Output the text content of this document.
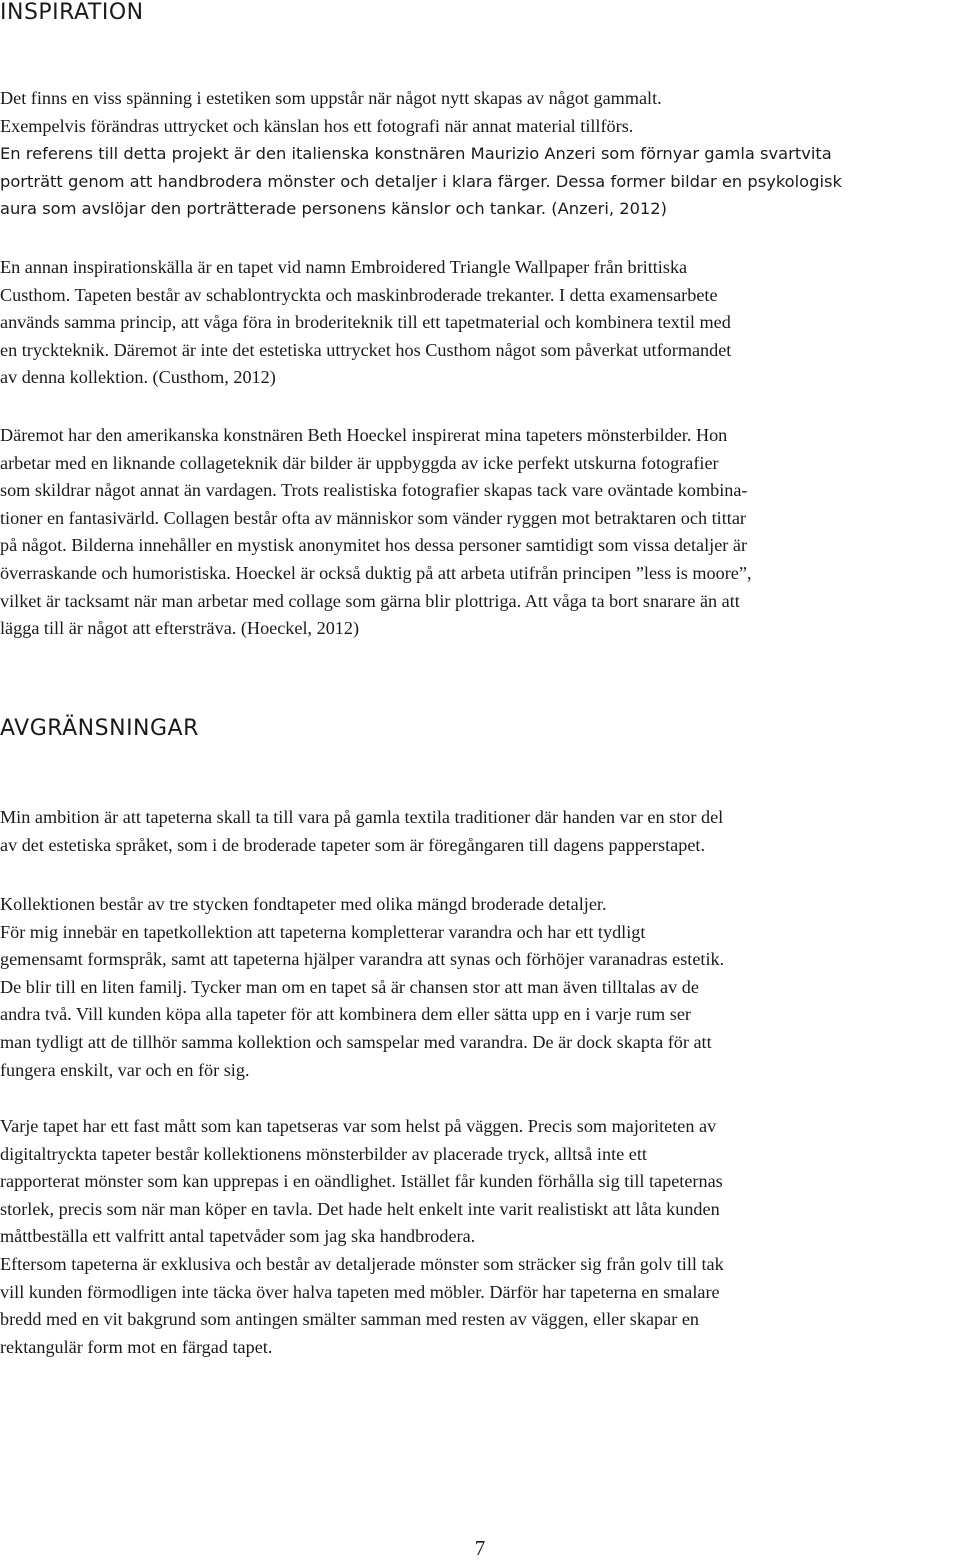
INSPIRATION
Det finns en viss spänning i estetiken som uppstår när något nytt skapas av något gammalt.
Exempelvis förändras uttrycket och känslan hos ett fotografi när annat material tillförs.
En referens till detta projekt är den italienska konstnären Maurizio Anzeri som förnyar gamla svartvita
porträtt genom att handbrodera mönster och detaljer i klara färger. Dessa former bildar en psykologisk
aura som avslöjar den porträtterade personens känslor och tankar. (Anzeri, 2012)
En annan inspirationskälla är en tapet vid namn Embroidered Triangle Wallpaper från brittiska
Custhom. Tapeten består av schablontryckta och maskinbroderade trekanter. I detta examensarbete
används samma princip, att våga föra in broderiteknik till ett tapetmaterial och kombinera textil med
en tryckteknik. Däremot är inte det estetiska uttrycket hos Custhom något som påverkat utformandet
av denna kollektion. (Custhom, 2012)
Däremot har den amerikanska konstnären Beth Hoeckel inspirerat mina tapeters mönsterbilder. Hon
arbetar med en liknande collageteknik där bilder är uppbyggda av icke perfekt utskurna fotografier
som skildrar något annat än vardagen. Trots realistiska fotografier skapas tack vare oväntade kombina-
tioner en fantasivärld. Collagen består ofta av människor som vänder ryggen mot betraktaren och tittar
på något. Bilderna innehåller en mystisk anonymitet hos dessa personer samtidigt som vissa detaljer är
överraskande och humoristiska. Hoeckel är också duktig på att arbeta utifrån principen ”less is moore”,
vilket är tacksamt när man arbetar med collage som gärna blir plottriga. Att våga ta bort snarare än att
lägga till är något att eftersträva. (Hoeckel, 2012)
AVGRÄNSNINGAR
Min ambition är att tapeterna skall ta till vara på gamla textila traditioner där handen var en stor del
av det estetiska språket, som i de broderade tapeter som är föregångaren till dagens papperstapet.
Kollektionen består av tre stycken fondtapeter med olika mängd broderade detaljer.
För mig innebär en tapetkollektion att tapeterna kompletterar varandra och har ett tydligt
gemensamt formspråk, samt att tapeterna hjälper varandra att synas och förhöjer varanadras estetik.
De blir till en liten familj. Tycker man om en tapet så är chansen stor att man även tilltalas av de
andra två. Vill kunden köpa alla tapeter för att kombinera dem eller sätta upp en i varje rum ser
man tydligt att de tillhör samma kollektion och samspelar med varandra. De är dock skapta för att
fungera enskilt, var och en för sig.
Varje tapet har ett fast mått som kan tapetseras var som helst på väggen. Precis som majoriteten av
digitaltryckta tapeter består kollektionens mönsterbilder av placerade tryck, alltså inte ett
rapporterat mönster som kan upprepas i en oändlighet. Istället får kunden förhålla sig till tapeternas
storlek, precis som när man köper en tavla. Det hade helt enkelt inte varit realistiskt att låta kunden
måttbeställa ett valfritt antal tapetvåder som jag ska handbrodera.
Eftersom tapeterna är exklusiva och består av detaljerade mönster som sträcker sig från golv till tak
vill kunden förmodligen inte täcka över halva tapeten med möbler. Därför har tapeterna en smalare
bredd med en vit bakgrund som antingen smälter samman med resten av väggen, eller skapar en
rektangulär form mot en färgad tapet.
7
